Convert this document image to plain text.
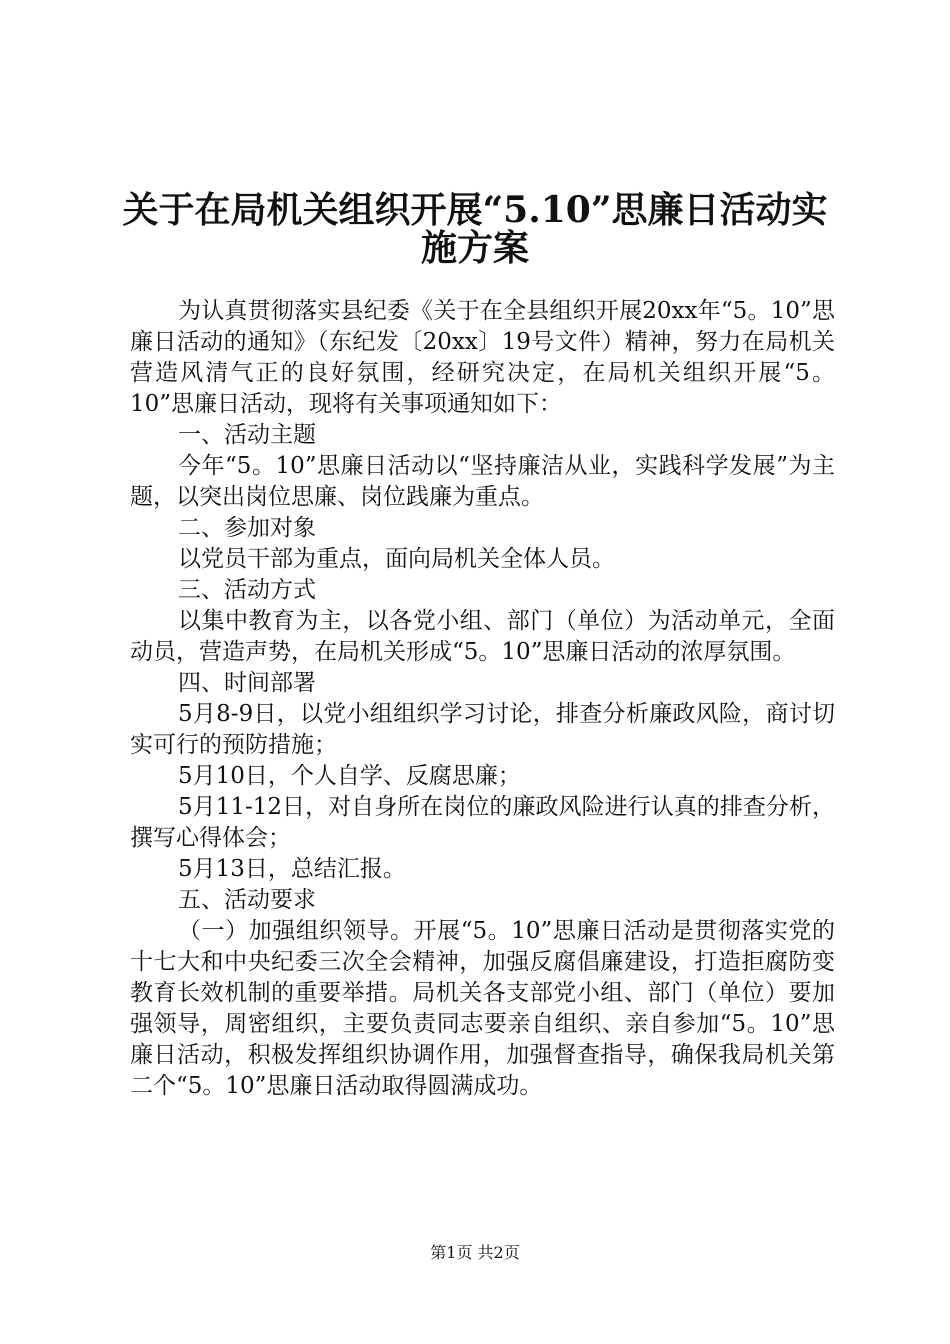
关于在局机关组织开展“5.10”思廉日活动实
施方案

为认真贯彻落实县纪委《关于在全县组织开展20xx年“5。10”思廉日活动的通知》（东纪发〔20xx〕19号文件）精神，努力在局机关营造风清气正的良好氛围，经研究决定，在局机关组织开展“5。10”思廉日活动，现将有关事项通知如下：

一、活动主题

今年“5。10”思廉日活动以“坚持廉洁从业，实践科学发展”为主题，以突出岗位思廉、岗位践廉为重点。

二、参加对象

以党员干部为重点，面向局机关全体人员。

三、活动方式

以集中教育为主，以各党小组、部门（单位）为活动单元，全面动员，营造声势，在局机关形成“5。10”思廉日活动的浓厚氛围。

四、时间部署

5月8-9日，以党小组组织学习讨论，排查分析廉政风险，商讨切实可行的预防措施；

5月10日，个人自学、反腐思廉；

5月11-12日，对自身所在岗位的廉政风险进行认真的排查分析，撰写心得体会；

5月13日，总结汇报。

五、活动要求

（一）加强组织领导。开展“5。10”思廉日活动是贯彻落实党的十七大和中央纪委三次全会精神，加强反腐倡廉建设，打造拒腐防变教育长效机制的重要举措。局机关各支部党小组、部门（单位）要加强领导，周密组织，主要负责同志要亲自组织、亲自参加“5。10”思廉日活动，积极发挥组织协调作用，加强督查指导，确保我局机关第二个“5。10”思廉日活动取得圆满成功。

第1页 共2页
